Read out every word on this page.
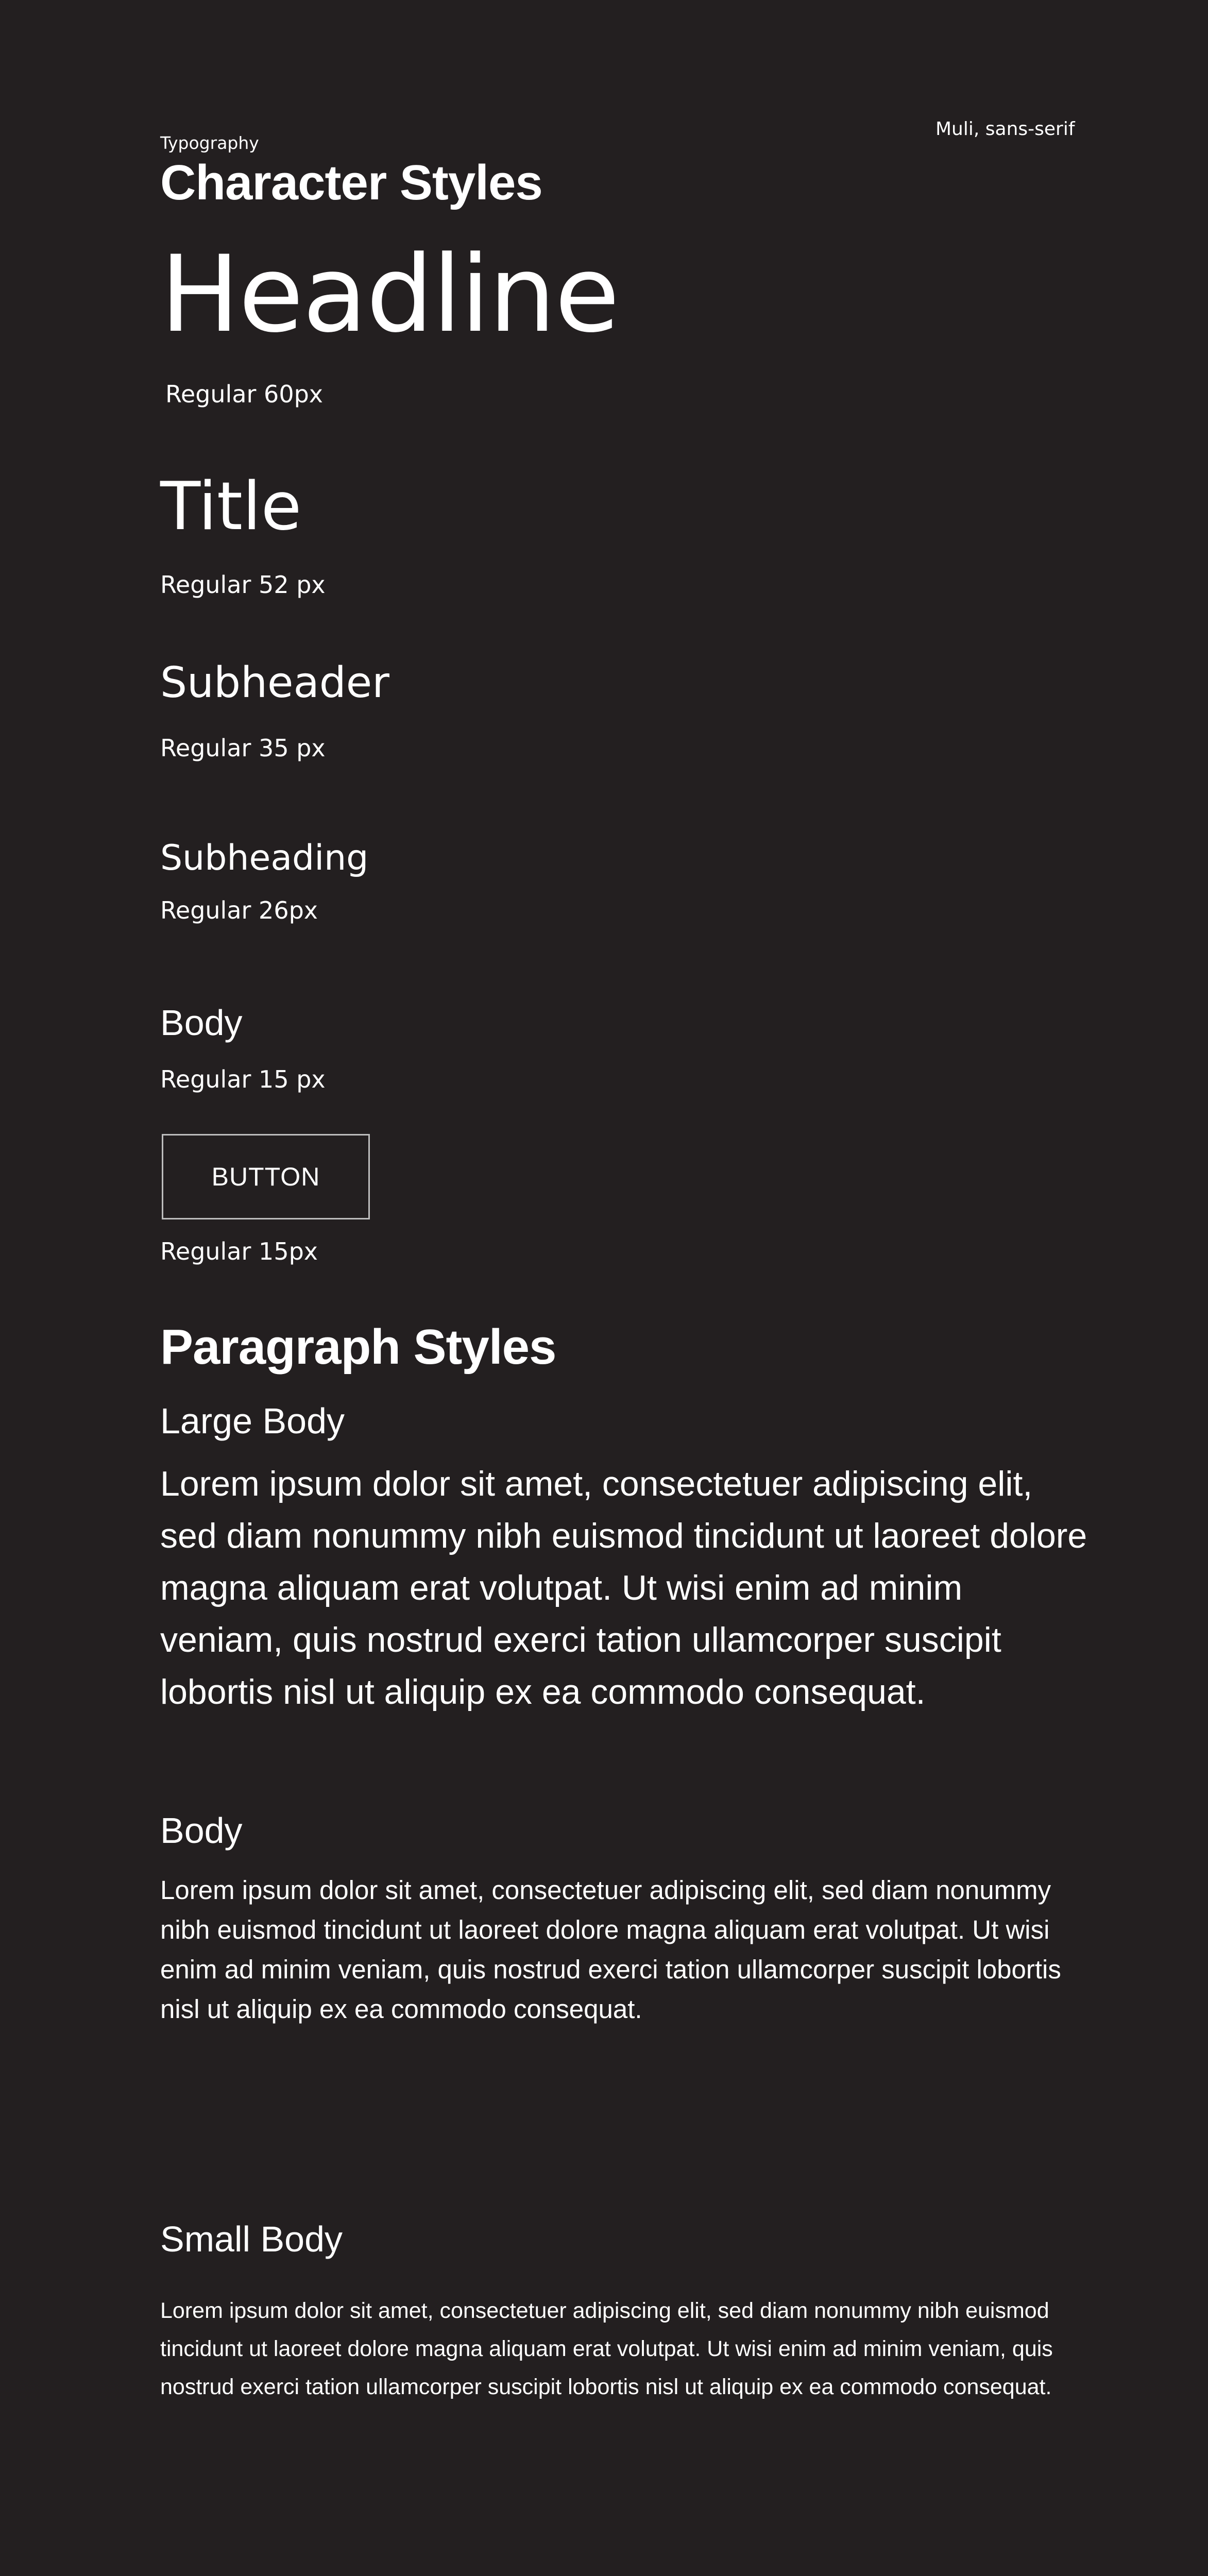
Typography
Muli, sans-serif
Character Styles
Headline
Regular 60px
Title
Regular 52 px
Subheader
Regular 35 px
Subheading
Regular 26px
Body
Regular 15 px
BUTTON
Regular 15px
Paragraph Styles
Large Body
Lorem ipsum dolor sit amet, consectetuer adipiscing elit, sed diam nonummy nibh euismod tincidunt ut laoreet dolore magna aliquam erat volutpat. Ut wisi enim ad minim veniam, quis nostrud exerci tation ullamcorper suscipit lobortis nisl ut aliquip ex ea commodo consequat.
Body
Lorem ipsum dolor sit amet, consectetuer adipiscing elit, sed diam nonummy nibh euismod tincidunt ut laoreet dolore magna aliquam erat volutpat. Ut wisi enim ad minim veniam, quis nostrud exerci tation ullamcorper suscipit lobortis nisl ut aliquip ex ea commodo consequat.
Small Body
Lorem ipsum dolor sit amet, consectetuer adipiscing elit, sed diam nonummy nibh euismod tincidunt ut laoreet dolore magna aliquam erat volutpat. Ut wisi enim ad minim veniam, quis nostrud exerci tation ullamcorper suscipit lobortis nisl ut aliquip ex ea commodo consequat.
